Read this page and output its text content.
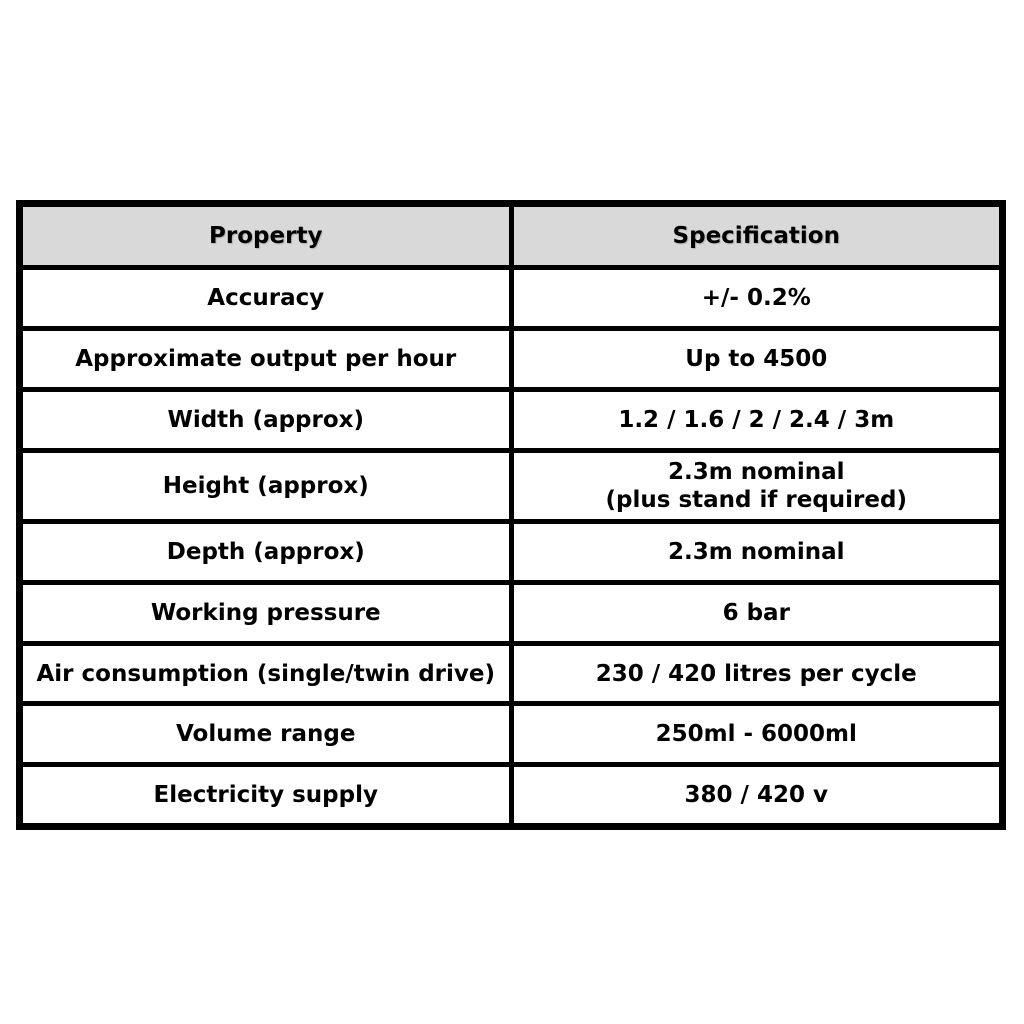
Property	Specification
Accuracy	+/- 0.2%

Approximate output per hour	Up to 4500

Width (approx)	1.2 / 1.6 / 2 / 2.4 / 3m

Height (approx)	2.3m nominal
(plus stand if required)

Depth (approx)	2.3m nominal

Working pressure	6 bar

Air consumption (single/twin drive)	230 / 420 litres per cycle

Volume range	250ml - 6000ml

Electricity supply	380 / 420 v
